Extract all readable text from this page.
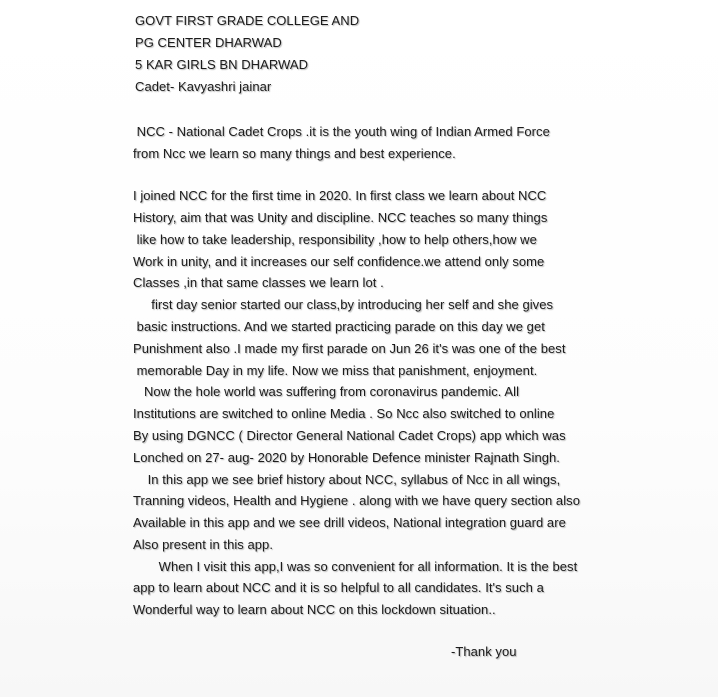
GOVT FIRST GRADE COLLEGE AND
PG CENTER DHARWAD
5 KAR GIRLS BN DHARWAD
Cadet- Kavyashri jainar
NCC - National Cadet Crops .it is the youth wing of Indian Armed Force
from Ncc we learn so many things and best experience.
I joined NCC for the first time in 2020. In first class we learn about NCC
History, aim that was Unity and discipline. NCC teaches so many things
like how to take leadership, responsibility ,how to help others,how we
Work in unity, and it increases our self confidence.we attend only some
Classes ,in that same classes we learn lot .
first day senior started our class,by introducing her self and she gives
basic instructions. And we started practicing parade on this day we get
Punishment also .I made my first parade on Jun 26 it's was one of the best
memorable Day in my life. Now we miss that panishment, enjoyment.
Now the hole world was suffering from coronavirus pandemic. All
Institutions are switched to online Media . So Ncc also switched to online
By using DGNCC ( Director General National Cadet Crops) app which was
Lonched on 27- aug- 2020 by Honorable Defence minister Rajnath Singh.
In this app we see brief history about NCC, syllabus of Ncc in all wings,
Tranning videos, Health and Hygiene . along with we have query section also
Available in this app and we see drill videos, National integration guard are
Also present in this app.
When I visit this app,I was so convenient for all information. It is the best
app to learn about NCC and it is so helpful to all candidates. It's such a
Wonderful way to learn about NCC on this lockdown situation..
-Thank you
